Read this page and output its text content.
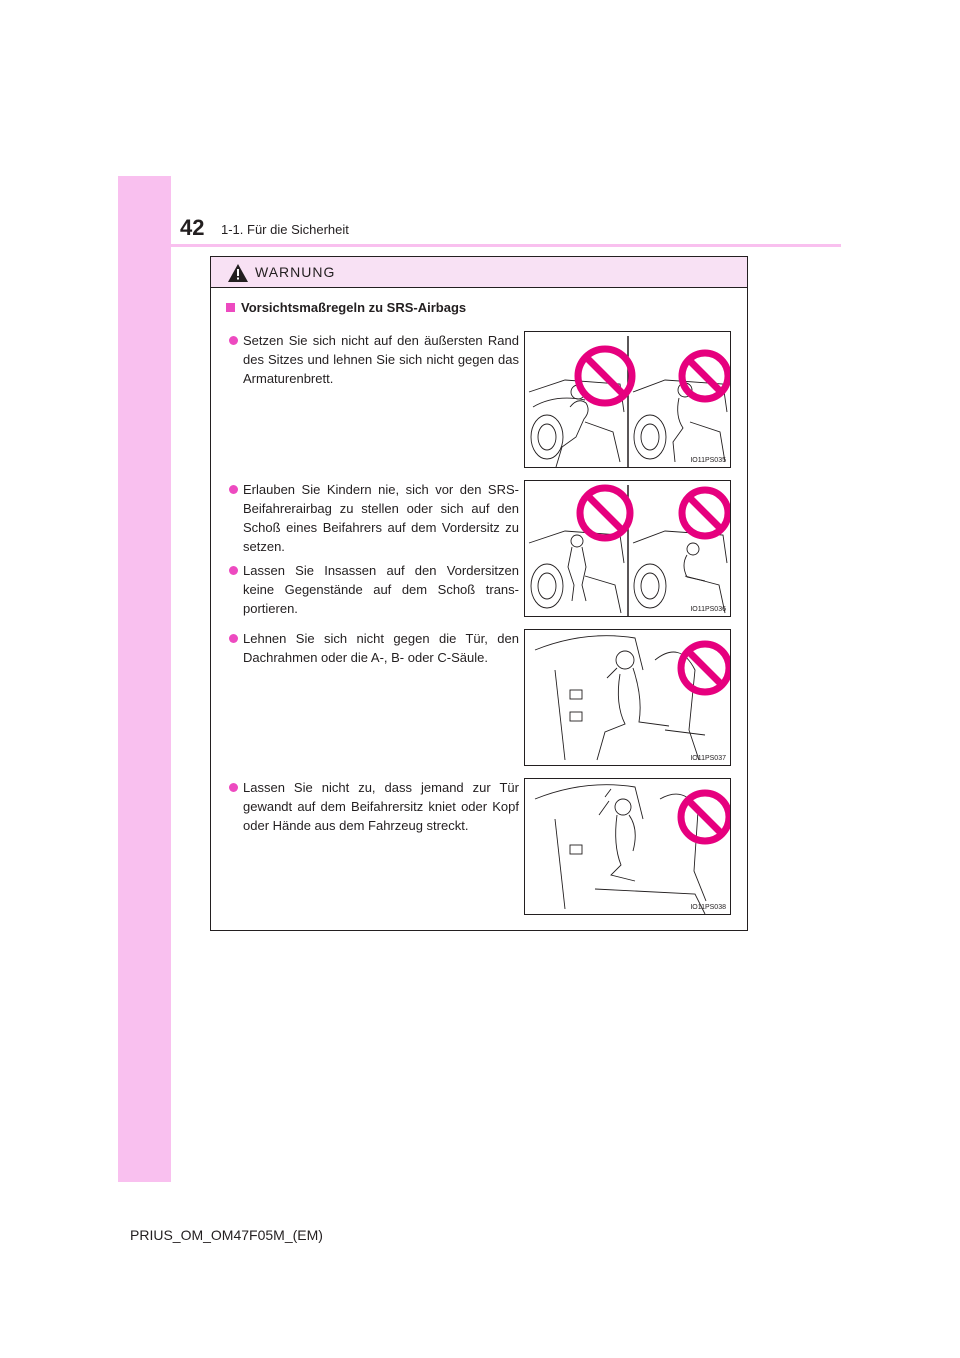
42 1-1. Für die Sicherheit
WARNUNG
Vorsichtsmaßregeln zu SRS-Airbags
Setzen Sie sich nicht auf den äußersten Rand des Sitzes und lehnen Sie sich nicht gegen das Armaturenbrett.
Erlauben Sie Kindern nie, sich vor den SRS-Beifahrerairbag zu stellen oder sich auf den Schoß eines Beifahrers auf dem Vordersitz zu setzen.
Lassen Sie Insassen auf den Vordersitzen keine Gegenstände auf dem Schoß trans-portieren.
Lehnen Sie sich nicht gegen die Tür, den Dachrahmen oder die A-, B- oder C-Säule.
Lassen Sie nicht zu, dass jemand zur Tür gewandt auf dem Beifahrersitz kniet oder Kopf oder Hände aus dem Fahrzeug streckt.
IO11PS035
IO11PS036
IO11PS037
IO11PS038
PRIUS_OM_OM47F05M_(EM)
